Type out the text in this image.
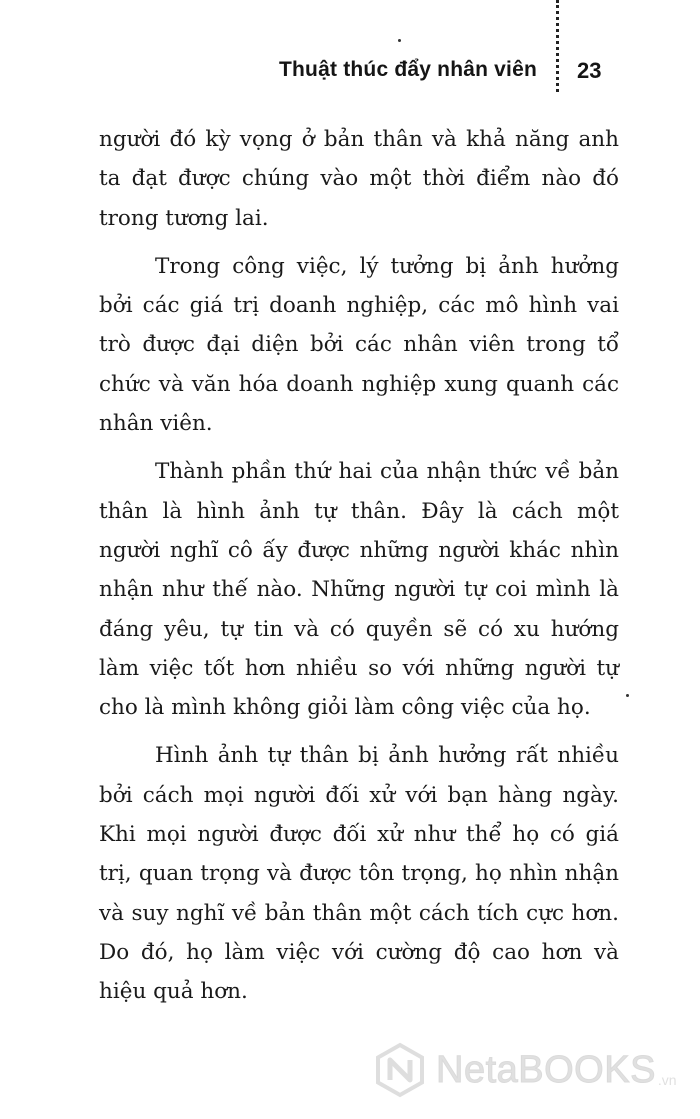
Thuật thúc đẩy nhân viên 23

người đó kỳ vọng ở bản thân và khả năng anh ta đạt được chúng vào một thời điểm nào đó trong tương lai.

Trong công việc, lý tưởng bị ảnh hưởng bởi các giá trị doanh nghiệp, các mô hình vai trò được đại diện bởi các nhân viên trong tổ chức và văn hóa doanh nghiệp xung quanh các nhân viên.

Thành phần thứ hai của nhận thức về bản thân là hình ảnh tự thân. Đây là cách một người nghĩ cô ấy được những người khác nhìn nhận như thế nào. Những người tự coi mình là đáng yêu, tự tin và có quyền sẽ có xu hướng làm việc tốt hơn nhiều so với những người tự cho là mình không giỏi làm công việc của họ.

Hình ảnh tự thân bị ảnh hưởng rất nhiều bởi cách mọi người đối xử với bạn hàng ngày. Khi mọi người được đối xử như thể họ có giá trị, quan trọng và được tôn trọng, họ nhìn nhận và suy nghĩ về bản thân một cách tích cực hơn. Do đó, họ làm việc với cường độ cao hơn và hiệu quả hơn.

NetaBOOKS .vn
